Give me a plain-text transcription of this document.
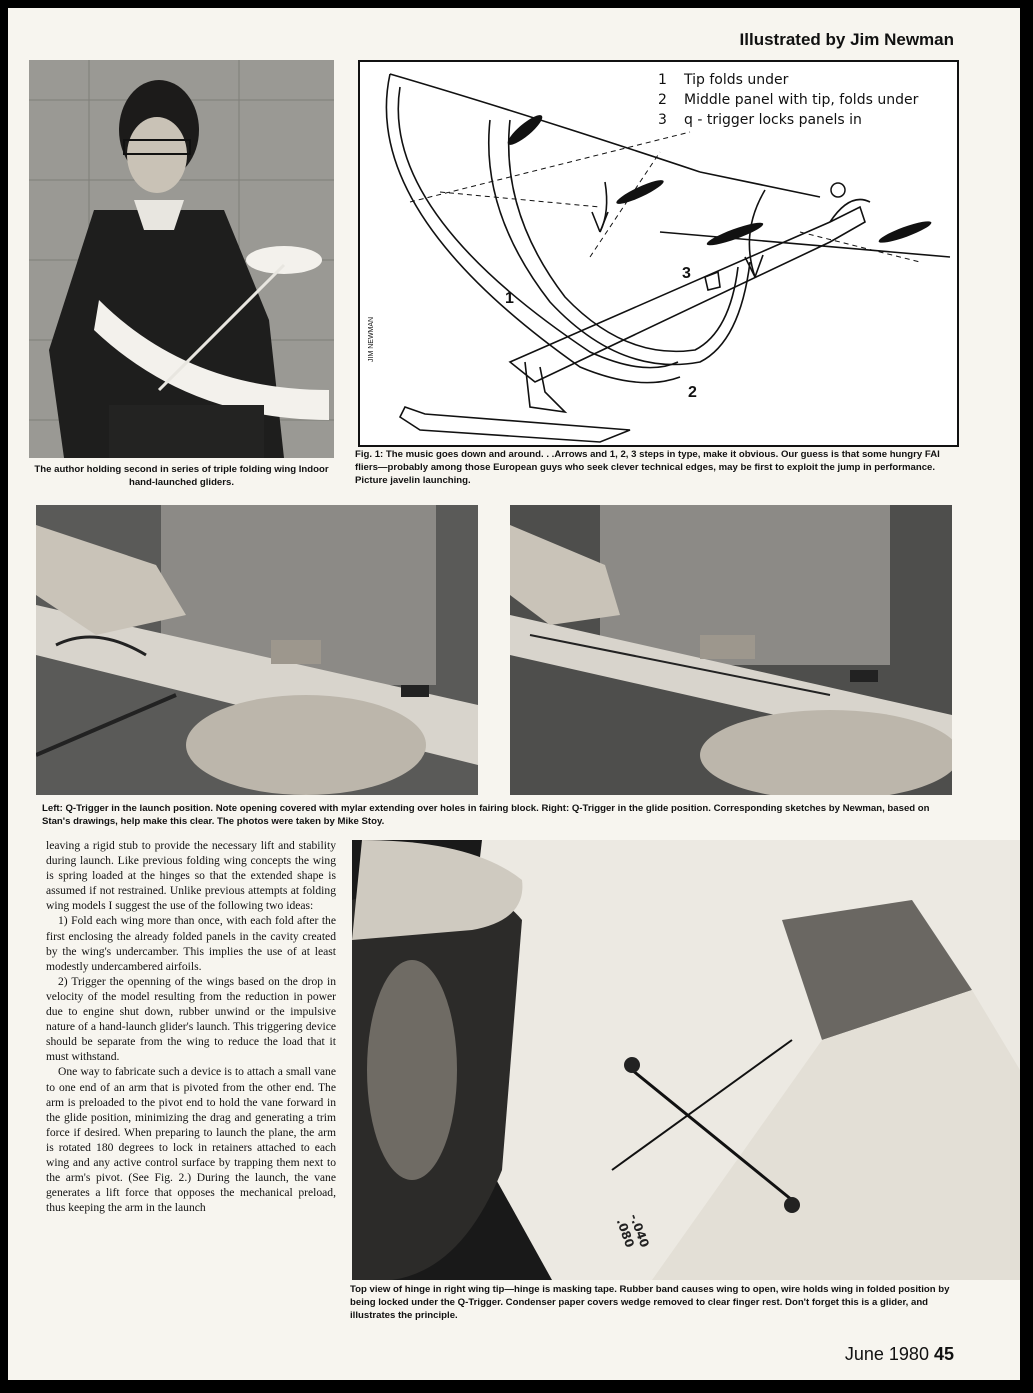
Illustrated by Jim Newman
The author holding second in series of triple folding wing Indoor hand-launched gliders.
1 Tip folds under
2 Middle panel with tip, folds under
3 q - trigger locks panels in
1
2
3
JIM NEWMAN
Fig. 1: The music goes down and around. . .Arrows and 1, 2, 3 steps in type, make it obvious. Our guess is that some hungry FAI fliers—probably among those European guys who seek clever technical edges, may be first to exploit the jump in performance. Picture javelin launching.
Left: Q-Trigger in the launch position. Note opening covered with mylar extending over holes in fairing block. Right: Q-Trigger in the glide position. Corresponding sketches by Newman, based on Stan's drawings, help make this clear. The photos were taken by Mike Stoy.

leaving a rigid stub to provide the necessary lift and stability during launch. Like previous folding wing concepts the wing is spring loaded at the hinges so that the extended shape is assumed if not restrained. Unlike previous attempts at folding wing models I suggest the use of the following two ideas:

1) Fold each wing more than once, with each fold after the first enclosing the already folded panels in the cavity created by the wing's undercamber. This implies the use of at least modestly undercambered airfoils.

2) Trigger the openning of the wings based on the drop in velocity of the model resulting from the reduction in power due to engine shut down, rubber unwind or the impulsive nature of a hand-launch glider's launch. This triggering device should be separate from the wing to reduce the load that it must withstand.

One way to fabricate such a device is to attach a small vane to one end of an arm that is pivoted from the other end. The arm is preloaded to the pivot end to hold the vane forward in the glide position, minimizing the drag and generating a trim force if desired. When preparing to launch the plane, the arm is rotated 180 degrees to lock in retainers attached to each wing and any active control surface by trapping them next to the arm's pivot. (See Fig. 2.) During the launch, the vane generates a lift force that opposes the mechanical preload, thus keeping the arm in the launch

-.040 .080
Top view of hinge in right wing tip—hinge is masking tape. Rubber band causes wing to open, wire holds wing in folded position by being locked under the Q-Trigger. Condenser paper covers wedge removed to clear finger rest. Don't forget this is a glider, and illustrates the principle.
June 1980 45
